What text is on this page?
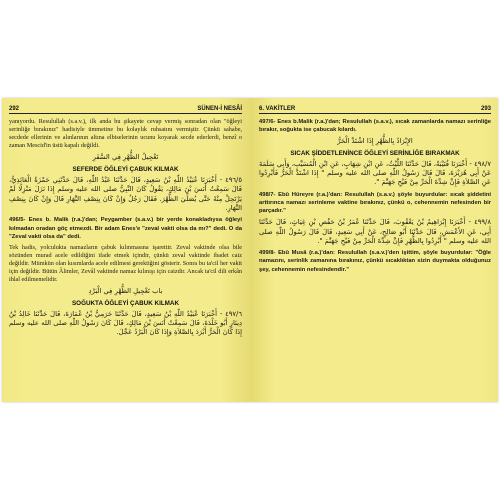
292	SÜNEN-İ NESÂİ

yanıyordu. Resulullah (s.a.v.), ilk anda bu şikayete cevap vermiş sonradan olan "öğleyi serinliğe bırakınız" hadisiyle ümmetine bu kolaylık ruhsatını vermiştir. Çünkü sahabe, secdede ellerinin ve alınlarının altına elbiselerinin ucunu koyarak secde ederlerdi, benzî o zaman Mescid'in üstü kapalı değildi.

تَعْجِيلُ الظُّهْرِ فِي السَّفَرِ
SEFERDE ÖĞLEYİ ÇABUK KILMAK
٤٩٦/٥ - أَخْبَرَنَا عُبَيْدُ اللّٰهِ بْنُ سَعِيدٍ، قَالَ حَدَّثَنَا عَبْدُ اللّٰهِ، قَالَ حَدَّثَنِي حَمْزَةُ الْعَائِذِيُّ، قَالَ سَمِعْتُ أَنَسَ بْنَ مَالِكٍ، يَقُولُ كَانَ النَّبِيُّ صلى الله عليه وسلم إِذَا نَزَلَ مَنْزِلًا لَمْ يَرْتَحِلْ مِنْهُ حَتَّى يُصَلِّيَ الظُّهْرَ. فَقَالَ رَجُلٌ وَإِنْ كَانَ بِنِصْفِ النَّهَارِ قَالَ وَإِنْ كَانَ بِنِصْفِ النَّهَارِ.

496/5- Enes b. Malik (r.a.)'dan; Peygamber (s.a.v.) bir yerde konakladıysa öğleyi kılmadan oradan göç etmezdi. Bir adam Enes'e "zeval vakti olsa da mı?" dedi. O da "Zeval vakti olsa da" dedi.

Tek hadis, yolculukta namazların çabuk kılınmasına işarettir. Zeval vaktinde olsa bile sözünden murad acele edildiğini ifade etmek içindir, çünkü zeval vaktinde ibadet caiz değildir. Mümkün olan kısımlarda acele edilmesi gerektiğini gösterir. Sonra bu ta'cil her vakit için değildir. Bütün Âlimler, Zevâl vaktinde namaz kılınışı için caizdir. Ancak ta'cil dili erkân ihlal edilmemelidir.

باب تَعْجِيلِ الظُّهْرِ فِي الْبَرْدِ
SOĞUKTA ÖĞLEYİ ÇABUK KILMAK
٤٩٧/٦ - أَخْبَرَنَا عُبَيْدُ اللّٰهِ بْنُ سَعِيدٍ، قَالَ حَدَّثَنَا حَرَمِيُّ بْنُ عُمَارَةَ، قَالَ حَدَّثَنَا خَالِدُ بْنُ دِينَارٍ أَبُو خَلْدَةَ، قَالَ سَمِعْتُ أَنَسَ بْنَ مَالِكٍ، قَالَ كَانَ رَسُولُ اللّٰهِ صلى الله عليه وسلم إِذَا كَانَ الْحَرُّ أَبْرَدَ بِالصَّلاَةِ وَإِذَا كَانَ الْبَرْدُ عَجَّلَ.
6. VAKİTLER	293

497/6- Enes b.Malik (r.a.)'dan; Resulullah (s.a.v.), sıcak zamanlarda namazı serinliğe bırakır, soğukta ise çabucak kılardı.

الإِبْرَادُ بِالظُّهْرِ إِذَا اشْتَدَّ الْحَرُّ
SICAK ŞİDDETLENİNCE ÖĞLEYİ SERİNLİĞE BIRAKMAK
٤٩٨/٧ - أَخْبَرَنَا قُتَيْبَةُ، قَالَ حَدَّثَنَا اللَّيْثُ، عَنِ ابْنِ شِهَابٍ، عَنِ ابْنِ الْمُسَيَّبِ، وَأَبِي سَلَمَةَ عَنْ أَبِي هُرَيْرَةَ، قَالَ قَالَ رَسُولُ اللّٰهِ صلى الله عليه وسلم ‏"‏ إِذَا اشْتَدَّ الْحَرُّ فَأَبْرِدُوا عَنِ الصَّلاَةِ فَإِنَّ شِدَّةَ الْحَرِّ مِنْ فَيْحِ جَهَنَّمَ ‏"‏.

498/7- Ebû Hüreyre (r.a.)'dan: Resulullah (s.a.v.) şöyle buyurdular: sıcak şiddetini arttırınca namazı serinleme vaktine bırakınız, çünkü o, cehennemin nefesinden bir parçadır."

٤٩٩/٨ - أَخْبَرَنَا إِبْرَاهِيمُ بْنُ يَعْقُوبَ، قَالَ حَدَّثَنَا عُمَرُ بْنُ حَفْصِ بْنِ غِيَاثٍ، قَالَ حَدَّثَنَا أَبِي، عَنِ الأَعْمَشِ، قَالَ حَدَّثَنَا أَبُو صَالِحٍ، عَنْ أَبِي سَعِيدٍ، قَالَ قَالَ رَسُولُ اللّٰهِ صلى الله عليه وسلم ‏"‏ أَبْرِدُوا بِالظُّهْرِ فَإِنَّ شِدَّةَ الْحَرِّ مِنْ فَيْحِ جَهَنَّمَ ‏"‏.

499/8- Ebû Musâ (r.a.)'dan: Resulullah (s.a.v.)'den işittim, şöyle buyurdular: "Öğle namazını, serinlik zamanına bırakınız, çünkü sıcaklıktan sizin duymakta olduğunuz şey, cehennemin nefesindendir."
